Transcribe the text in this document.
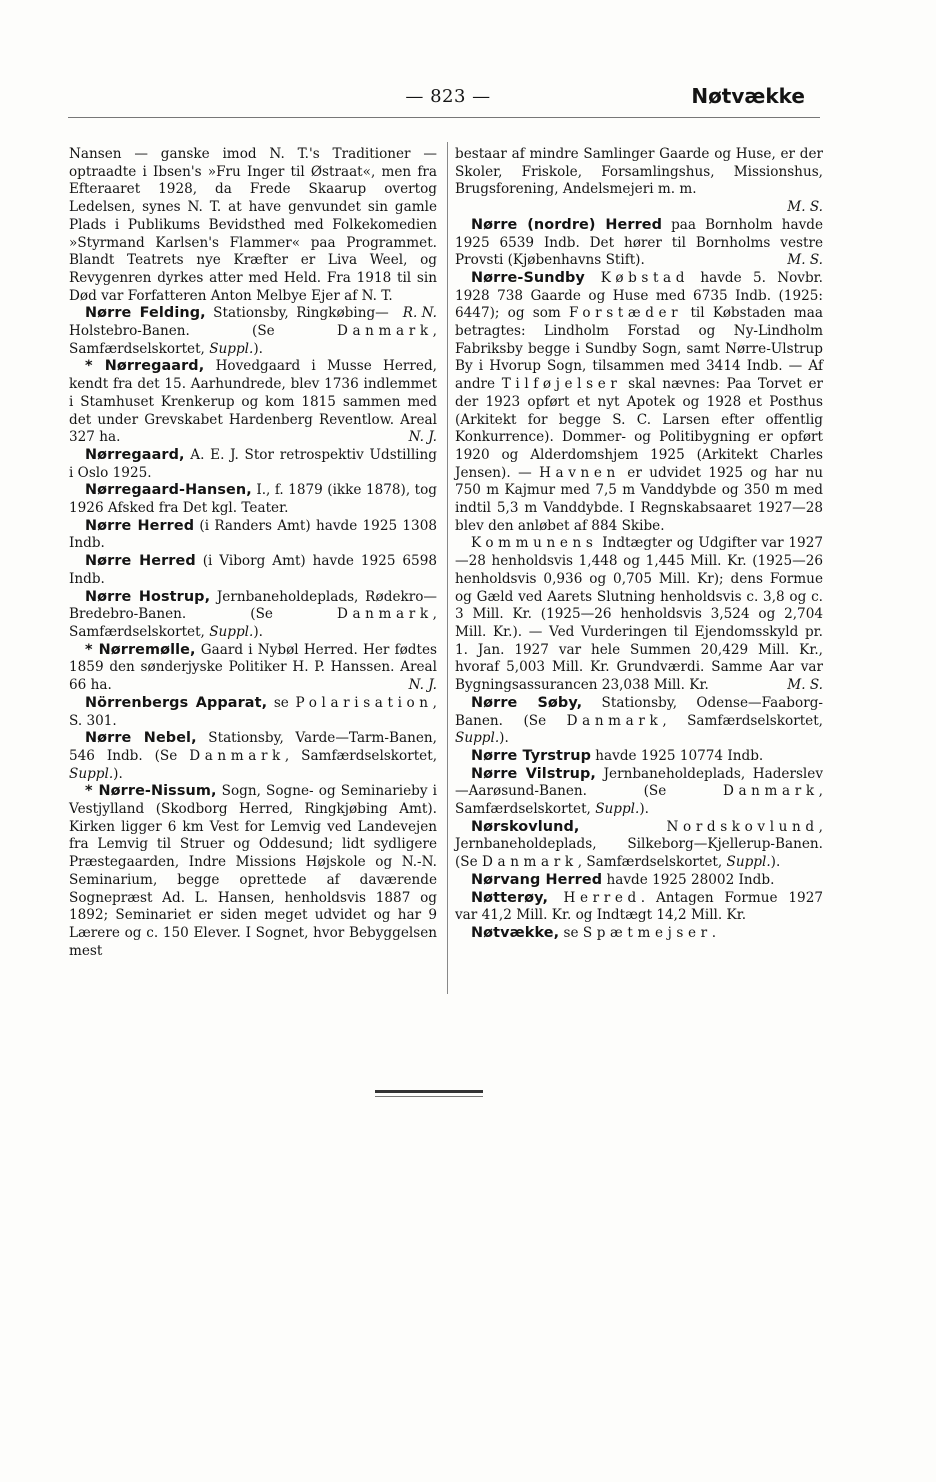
— 823 —	Nøtvække

Nansen — ganske imod N. T.'s Traditioner — optraadte i Ibsen's »Fru Inger til Østraat«, men fra Efteraaret 1928, da Frede Skaarup overtog Ledelsen, synes N. T. at have genvundet sin gamle Plads i Publikums Bevidsthed med Folkekomedien »Styrmand Karlsen's Flammer« paa Programmet. Blandt Teatrets nye Kræfter er Liva Weel, og Revygenren dyrkes atter med Held. Fra 1918 til sin Død var Forfatteren Anton Melbye Ejer af N. T.
R. N.

Nørre Felding, Stationsby, Ringkøbing—Holstebro-Banen. (Se Danmark, Samfærdselskortet, Suppl.).

* Nørregaard, Hovedgaard i Musse Herred, kendt fra det 15. Aarhundrede, blev 1736 indlemmet i Stamhuset Krenkerup og kom 1815 sammen med det under Grevskabet Hardenberg Reventlow. Areal 327 ha.	N. J.

Nørregaard, A. E. J. Stor retrospektiv Udstilling i Oslo 1925.

Nørregaard-Hansen, I., f. 1879 (ikke 1878), tog 1926 Afsked fra Det kgl. Teater.

Nørre Herred (i Randers Amt) havde 1925 1308 Indb.

Nørre Herred (i Viborg Amt) havde 1925 6598 Indb.

Nørre Hostrup, Jernbaneholdeplads, Rødekro—Bredebro-Banen. (Se Danmark, Samfærdselskortet, Suppl.).

* Nørremølle, Gaard i Nybøl Herred. Her fødtes 1859 den sønderjyske Politiker H. P. Hanssen. Areal 66 ha.	N. J.

Nörrenbergs Apparat, se Polarisation, S. 301.

Nørre Nebel, Stationsby, Varde—Tarm-Banen, 546 Indb. (Se Danmark, Samfærdselskortet, Suppl.).

* Nørre-Nissum, Sogn, Sogne- og Seminarieby i Vestjylland (Skodborg Herred, Ringkjøbing Amt). Kirken ligger 6 km Vest for Lemvig ved Landevejen fra Lemvig til Struer og Oddesund; lidt sydligere Præstegaarden, Indre Missions Højskole og N.-N. Seminarium, begge oprettede af daværende Sognepræst Ad. L. Hansen, henholdsvis 1887 og 1892; Seminariet er siden meget udvidet og har 9 Lærere og c. 150 Elever. I Sognet, hvor Bebyggelsen mest

bestaar af mindre Samlinger Gaarde og Huse, er der Skoler, Friskole, Forsamlingshus, Missionshus, Brugsforening, Andelsmejeri m. m.

M. S.

Nørre (nordre) Herred paa Bornholm havde 1925 6539 Indb. Det hører til Bornholms vestre Provsti (Kjøbenhavns Stift).	M. S.

Nørre-Sundby Købstad havde 5. Novbr. 1928 738 Gaarde og Huse med 6735 Indb. (1925: 6447); og som Forstæder til Købstaden maa betragtes: Lindholm Forstad og Ny-Lindholm Fabriksby begge i Sundby Sogn, samt Nørre-Ulstrup By i Hvorup Sogn, tilsammen med 3414 Indb. — Af andre Tilføjelser skal nævnes: Paa Torvet er der 1923 opført et nyt Apotek og 1928 et Posthus (Arkitekt for begge S. C. Larsen efter offentlig Konkurrence). Dommer- og Politibygning er opført 1920 og Alderdomshjem 1925 (Arkitekt Charles Jensen). — Havnen er udvidet 1925 og har nu 750 m Kajmur med 7,5 m Vanddybde og 350 m med indtil 5,3 m Vanddybde. I Regnskabsaaret 1927—28 blev den anløbet af 884 Skibe.

Kommunens Indtægter og Udgifter var 1927—28 henholdsvis 1,448 og 1,445 Mill. Kr. (1925—26 henholdsvis 0,936 og 0,705 Mill. Kr); dens Formue og Gæld ved Aarets Slutning henholdsvis c. 3,8 og c. 3 Mill. Kr. (1925—26 henholdsvis 3,524 og 2,704 Mill. Kr.). — Ved Vurderingen til Ejendomsskyld pr. 1. Jan. 1927 var hele Summen 20,429 Mill. Kr., hvoraf 5,003 Mill. Kr. Grundværdi. Samme Aar var Bygningsassurancen 23,038 Mill. Kr.	M. S.

Nørre Søby, Stationsby, Odense—Faaborg-Banen. (Se Danmark, Samfærdselskortet, Suppl.).

Nørre Tyrstrup havde 1925 10774 Indb.

Nørre Vilstrup, Jernbaneholdeplads, Haderslev—Aarøsund-Banen. (Se Danmark, Samfærdselskortet, Suppl.).

Nørskovlund, Nordskovlund, Jernbaneholdeplads, Silkeborg—Kjellerup-Banen. (Se Danmark, Samfærdselskortet, Suppl.).

Nørvang Herred havde 1925 28002 Indb.

Nøtterøy, Herred. Antagen Formue 1927 var 41,2 Mill. Kr. og Indtægt 14,2 Mill. Kr.

Nøtvække, se Spætmejser.
